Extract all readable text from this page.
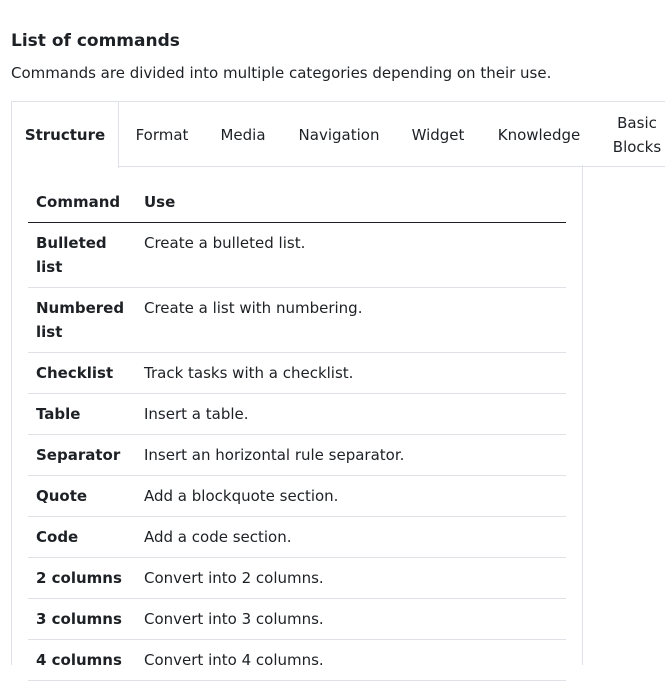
List of commands

Commands are divided into multiple categories depending on their use.

Structure	Format	Media	Navigation	Widget	Knowledge
Basic Blocks
Command	Use
Bulleted list	Create a bulleted list.
Numbered list	Create a list with numbering.
Checklist	Track tasks with a checklist.
Table	Insert a table.
Separator	Insert an horizontal rule separator.
Quote	Add a blockquote section.
Code	Add a code section.
2 columns	Convert into 2 columns.
3 columns	Convert into 3 columns.
4 columns	Convert into 4 columns.
